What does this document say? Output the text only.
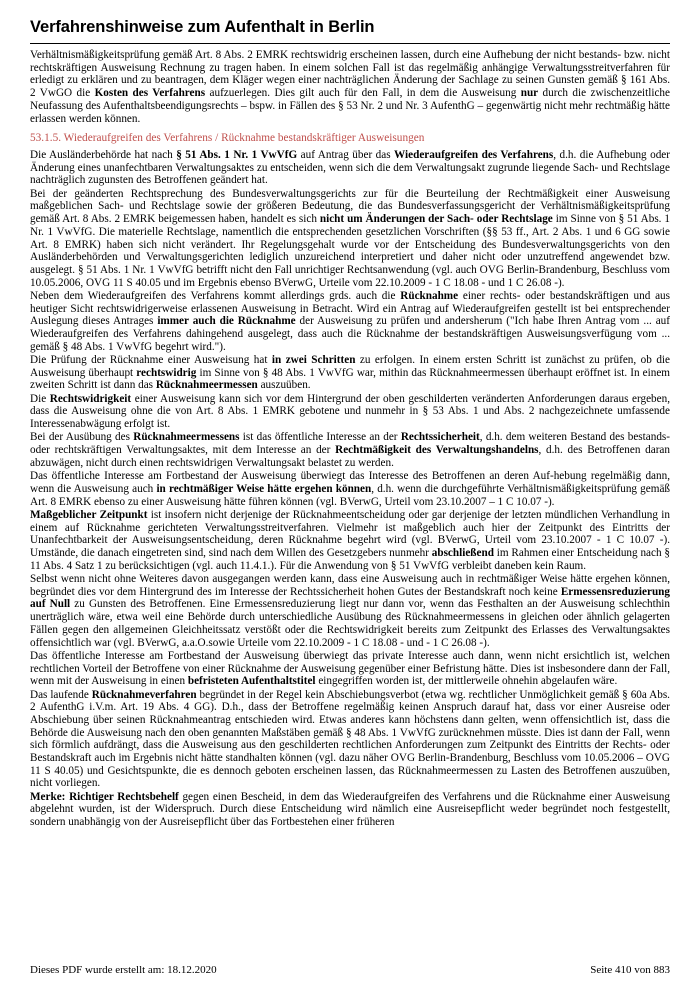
Verfahrenshinweise zum Aufenthalt in Berlin

Verhältnismäßigkeitsprüfung gemäß Art. 8 Abs. 2 EMRK rechtswidrig erscheinen lassen, durch eine Aufhebung der nicht bestands- bzw. nicht rechtskräftigen Ausweisung Rechnung zu tragen haben. In einem solchen Fall ist das regelmäßig anhängige Verwaltungsstreitverfahren für erledigt zu erklären und zu beantragen, dem Kläger wegen einer nachträglichen Änderung der Sachlage zu seinen Gunsten gemäß § 161 Abs. 2 VwGO die Kosten des Verfahrens aufzuerlegen. Dies gilt auch für den Fall, in dem die Ausweisung nur durch die zwischenzeitliche Neufassung des Aufenthaltsbeendigungsrechts – bspw. in Fällen des § 53 Nr. 2 und Nr. 3 AufenthG – gegenwärtig nicht mehr rechtmäßig hätte erlassen werden können.

53.1.5. Wiederaufgreifen des Verfahrens / Rücknahme bestandskräftiger Ausweisungen

Die Ausländerbehörde hat nach § 51 Abs. 1 Nr. 1 VwVfG auf Antrag über das Wiederaufgreifen des Verfahrens, d.h. die Aufhebung oder Änderung eines unanfechtbaren Verwaltungsaktes zu entscheiden, wenn sich die dem Verwaltungsakt zugrunde liegende Sach- und Rechtslage nachträglich zugunsten des Betroffenen geändert hat.

Bei der geänderten Rechtsprechung des Bundesverwaltungsgerichts zur für die Beurteilung der Rechtmäßigkeit einer Ausweisung maßgeblichen Sach- und Rechtslage sowie der größeren Bedeutung, die das Bundesverfassungsgericht der Verhältnismäßigkeitsprüfung gemäß Art. 8 Abs. 2 EMRK beigemessen haben, handelt es sich nicht um Änderungen der Sach- oder Rechtslage im Sinne von § 51 Abs. 1 Nr. 1 VwVfG. Die materielle Rechtslage, namentlich die entsprechenden gesetzlichen Vorschriften (§§ 53 ff., Art. 2 Abs. 1 und 6 GG sowie Art. 8 EMRK) haben sich nicht verändert. Ihr Regelungsgehalt wurde vor der Entscheidung des Bundesverwaltungsgerichts von den Ausländerbehörden und Verwaltungsgerichten lediglich unzureichend interpretiert und daher nicht oder unzutreffend angewendet bzw. ausgelegt. § 51 Abs. 1 Nr. 1 VwVfG betrifft nicht den Fall unrichtiger Rechtsanwendung (vgl. auch OVG Berlin-Brandenburg, Beschluss vom 10.05.2006, OVG 11 S 40.05 und im Ergebnis ebenso BVerwG, Urteile vom 22.10.2009 - 1 C 18.08 - und 1 C 26.08 -).

Neben dem Wiederaufgreifen des Verfahrens kommt allerdings grds. auch die Rücknahme einer rechts- oder bestandskräftigen und aus heutiger Sicht rechtswidrigerweise erlassenen Ausweisung in Betracht. Wird ein Antrag auf Wiederaufgreifen gestellt ist bei entsprechender Auslegung dieses Antrages immer auch die Rücknahme der Ausweisung zu prüfen und andersherum ("Ich habe Ihren Antrag vom ... auf Wiederaufgreifen des Verfahrens dahingehend ausgelegt, dass auch die Rücknahme der bestandskräftigen Ausweisungsverfügung vom ... gemäß § 48 Abs. 1 VwVfG begehrt wird.").

Die Prüfung der Rücknahme einer Ausweisung hat in zwei Schritten zu erfolgen. In einem ersten Schritt ist zunächst zu prüfen, ob die Ausweisung überhaupt rechtswidrig im Sinne von § 48 Abs. 1 VwVfG war, mithin das Rücknahmeermessen überhaupt eröffnet ist. In einem zweiten Schritt ist dann das Rücknahmeermessen auszuüben.

Die Rechtswidrigkeit einer Ausweisung kann sich vor dem Hintergrund der oben geschilderten veränderten Anforderungen daraus ergeben, dass die Ausweisung ohne die von Art. 8 Abs. 1 EMRK gebotene und nunmehr in § 53 Abs. 1 und Abs. 2 nachgezeichnete umfassende Interessenabwägung erfolgt ist.

Bei der Ausübung des Rücknahmeermessens ist das öffentliche Interesse an der Rechtssicherheit, d.h. dem weiteren Bestand des bestands- oder rechtskräftigen Verwaltungsaktes, mit dem Interesse an der Rechtmäßigkeit des Verwaltungshandelns, d.h. des Betroffenen daran abzuwägen, nicht durch einen rechtswidrigen Verwaltungsakt belastet zu werden.

Das öffentliche Interesse am Fortbestand der Ausweisung überwiegt das Interesse des Betroffenen an deren Auf-hebung regelmäßig dann, wenn die Ausweisung auch in rechtmäßiger Weise hätte ergehen können, d.h. wenn die durchgeführte Verhältnismäßigkeitsprüfung gemäß Art. 8 EMRK ebenso zu einer Ausweisung hätte führen können (vgl. BVerwG, Urteil vom 23.10.2007 – 1 C 10.07 -).

Maßgeblicher Zeitpunkt ist insofern nicht derjenige der Rücknahmeentscheidung oder gar derjenige der letzten mündlichen Verhandlung in einem auf Rücknahme gerichteten Verwaltungsstreitverfahren. Vielmehr ist maßgeblich auch hier der Zeitpunkt des Eintritts der Unanfechtbarkeit der Ausweisungsentscheidung, deren Rücknahme begehrt wird (vgl. BVerwG, Urteil vom 23.10.2007 - 1 C 10.07 -). Umstände, die danach eingetreten sind, sind nach dem Willen des Gesetzgebers nunmehr abschließend im Rahmen einer Entscheidung nach § 11 Abs. 4 Satz 1 zu berücksichtigen (vgl. auch 11.4.1.). Für die Anwendung von § 51 VwVfG verbleibt daneben kein Raum.

Selbst wenn nicht ohne Weiteres davon ausgegangen werden kann, dass eine Ausweisung auch in rechtmäßiger Weise hätte ergehen können, begründet dies vor dem Hintergrund des im Interesse der Rechtssicherheit hohen Gutes der Bestandskraft noch keine Ermessensreduzierung auf Null zu Gunsten des Betroffenen. Eine Ermessensreduzierung liegt nur dann vor, wenn das Festhalten an der Ausweisung schlechthin unerträglich wäre, etwa weil eine Behörde durch unterschiedliche Ausübung des Rücknahmeermessens in gleichen oder ähnlich gelagerten Fällen gegen den allgemeinen Gleichheitssatz verstößt oder die Rechtswidrigkeit bereits zum Zeitpunkt des Erlasses des Verwaltungsaktes offensichtlich war (vgl. BVerwG, a.a.O.sowie Urteile vom 22.10.2009 - 1 C 18.08 - und - 1 C 26.08 -).

Das öffentliche Interesse am Fortbestand der Ausweisung überwiegt das private Interesse auch dann, wenn nicht ersichtlich ist, welchen rechtlichen Vorteil der Betroffene von einer Rücknahme der Ausweisung gegenüber einer Befristung hätte. Dies ist insbesondere dann der Fall, wenn mit der Ausweisung in einen befristeten Aufenthaltstitel eingegriffen worden ist, der mittlerweile ohnehin abgelaufen wäre.

Das laufende Rücknahmeverfahren begründet in der Regel kein Abschiebungsverbot (etwa wg. rechtlicher Unmöglichkeit gemäß § 60a Abs. 2 AufenthG i.V.m. Art. 19 Abs. 4 GG). D.h., dass der Betroffene regelmäßig keinen Anspruch darauf hat, dass vor einer Ausreise oder Abschiebung über seinen Rücknahmeantrag entschieden wird. Etwas anderes kann höchstens dann gelten, wenn offensichtlich ist, dass die Behörde die Ausweisung nach den oben genannten Maßstäben gemäß § 48 Abs. 1 VwVfG zurücknehmen müsste. Dies ist dann der Fall, wenn sich förmlich aufdrängt, dass die Ausweisung aus den geschilderten rechtlichen Anforderungen zum Zeitpunkt des Eintritts der Rechts- oder Bestandskraft auch im Ergebnis nicht hätte standhalten können (vgl. dazu näher OVG Berlin-Brandenburg, Beschluss vom 10.05.2006 – OVG 11 S 40.05) und Gesichtspunkte, die es dennoch geboten erscheinen lassen, das Rücknahmeermessen zu Lasten des Betroffenen auszuüben, nicht vorliegen.

Merke: Richtiger Rechtsbehelf gegen einen Bescheid, in dem das Wiederaufgreifen des Verfahrens und die Rücknahme einer Ausweisung abgelehnt wurden, ist der Widerspruch. Durch diese Entscheidung wird nämlich eine Ausreisepflicht weder begründet noch festgestellt, sondern unabhängig von der Ausreisepflicht über das Fortbestehen einer früheren

Dieses PDF wurde erstellt am: 18.12.2020	Seite 410 von 883
